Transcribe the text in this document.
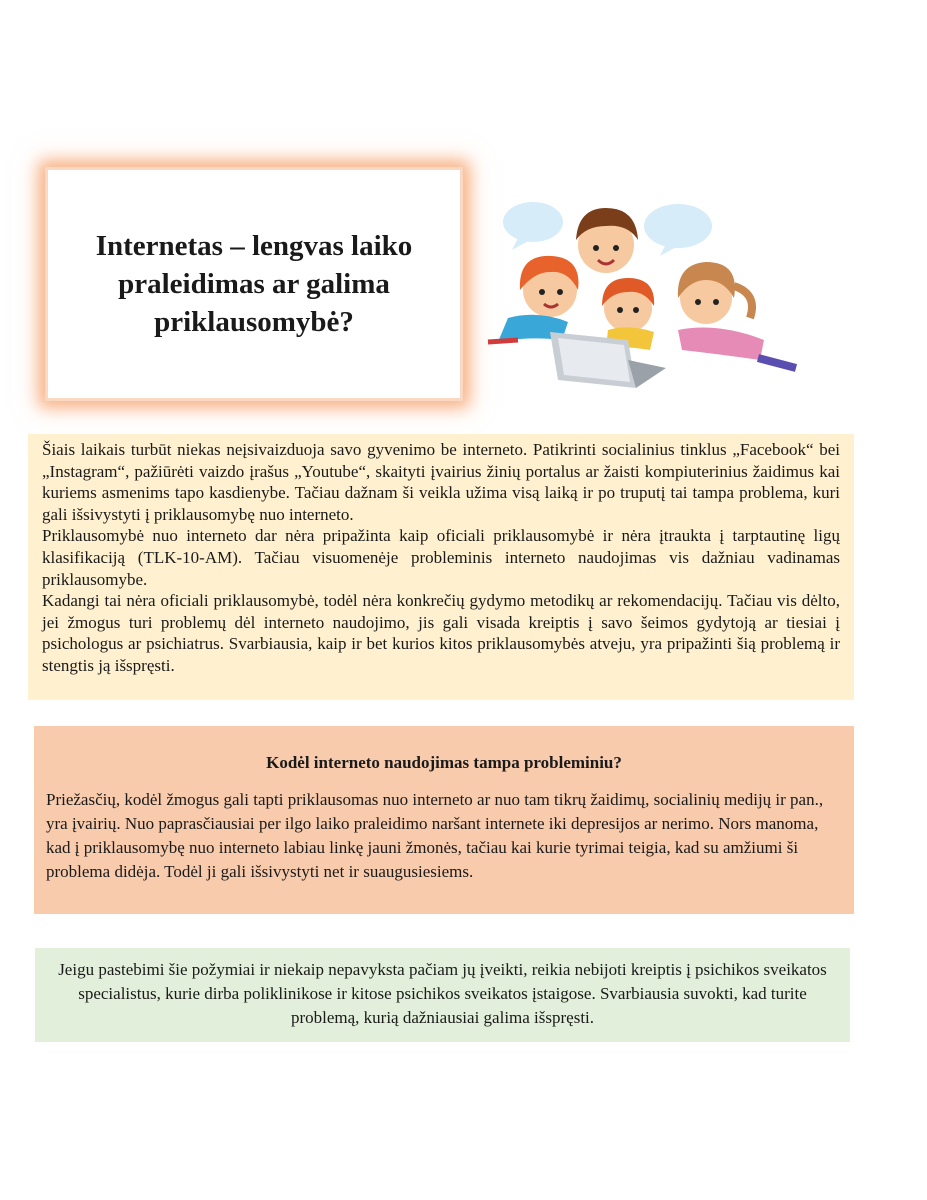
Internetas – lengvas laiko praleidimas ar galima priklausomybė?

Šiais laikais turbūt niekas neįsivaizduoja savo gyvenimo be interneto. Patikrinti socialinius tinklus „Facebook“ bei „Instagram“, pažiūrėti vaizdo įrašus „Youtube“, skaityti įvairius žinių portalus ar žaisti kompiuterinius žaidimus kai kuriems asmenims tapo kasdienybe. Tačiau dažnam ši veikla užima visą laiką ir po truputį tai tampa problema, kuri gali išsivystyti į priklausomybę nuo interneto.

Priklausomybė nuo interneto dar nėra pripažinta kaip oficiali priklausomybė ir nėra įtraukta į tarptautinę ligų klasifikaciją (TLK-10-AM). Tačiau visuomenėje probleminis interneto naudojimas vis dažniau vadinamas priklausomybe.

Kadangi tai nėra oficiali priklausomybė, todėl nėra konkrečių gydymo metodikų ar rekomendacijų. Tačiau vis dėlto, jei žmogus turi problemų dėl interneto naudojimo, jis gali visada kreiptis į savo šeimos gydytoją ar tiesiai į psichologus ar psichiatrus. Svarbiausia, kaip ir bet kurios kitos priklausomybės atveju, yra pripažinti šią problemą ir stengtis ją išspręsti.

Kodėl interneto naudojimas tampa probleminiu?

Priežasčių, kodėl žmogus gali tapti priklausomas nuo interneto ar nuo tam tikrų žaidimų, socialinių medijų ir pan., yra įvairių. Nuo paprasčiausiai per ilgo laiko praleidimo naršant internete iki depresijos ar nerimo. Nors manoma, kad į priklausomybę nuo interneto labiau linkę jauni žmonės, tačiau kai kurie tyrimai teigia, kad su amžiumi ši problema didėja. Todėl ji gali išsivystyti net ir suaugusiesiems.

Jeigu pastebimi šie požymiai ir niekaip nepavyksta pačiam jų įveikti, reikia nebijoti kreiptis į psichikos sveikatos specialistus, kurie dirba poliklinikose ir kitose psichikos sveikatos įstaigose. Svarbiausia suvokti, kad turite problemą, kurią dažniausiai galima išspręsti.
